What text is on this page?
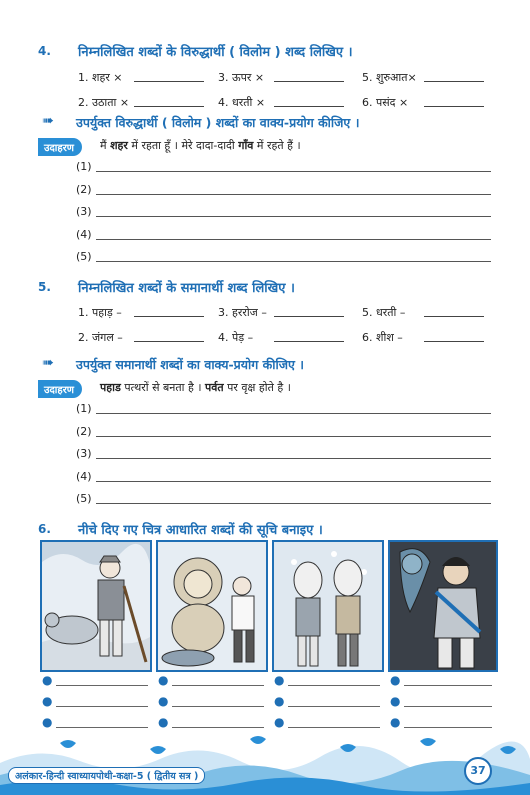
4. निम्नलिखित शब्दों के विरुद्धार्थी ( विलोम ) शब्द लिखिए ।
1. शहर ×	3. ऊपर ×	5. शुरुआत×
2. उठाता ×	4. धरती ×	6. पसंद ×
➠ उपर्युक्त विरुद्धार्थी ( विलोम ) शब्दों का वाक्य-प्रयोग कीजिए ।
उदाहरण	मैं शहर में रहता हूँ । मेरे दादा-दादी गाँव में रहते हैं ।
(1)
(2)
(3)
(4)
(5)
5. निम्नलिखित शब्दों के समानार्थी शब्द लिखिए ।
1. पहाड़ –	3. हररोज –	5. धरती –
2. जंगल –	4. पेड़ –	6. शीश –
➠ उपर्युक्त समानार्थी शब्दों का वाक्य-प्रयोग कीजिए ।
उदाहरण	पहाड पत्थरों से बनता है । पर्वत पर वृक्ष होते है ।
(1)
(2)
(3)
(4)
(5)
6. नीचे दिए गए चित्र आधारित शब्दों की सूचि बनाइए ।
●
●
●
●
●
●
●
●
●
●
●
●
अलंकार-हिन्दी स्वाध्यायपोथी-कक्षा-5 ( द्वितीय सत्र )	37
